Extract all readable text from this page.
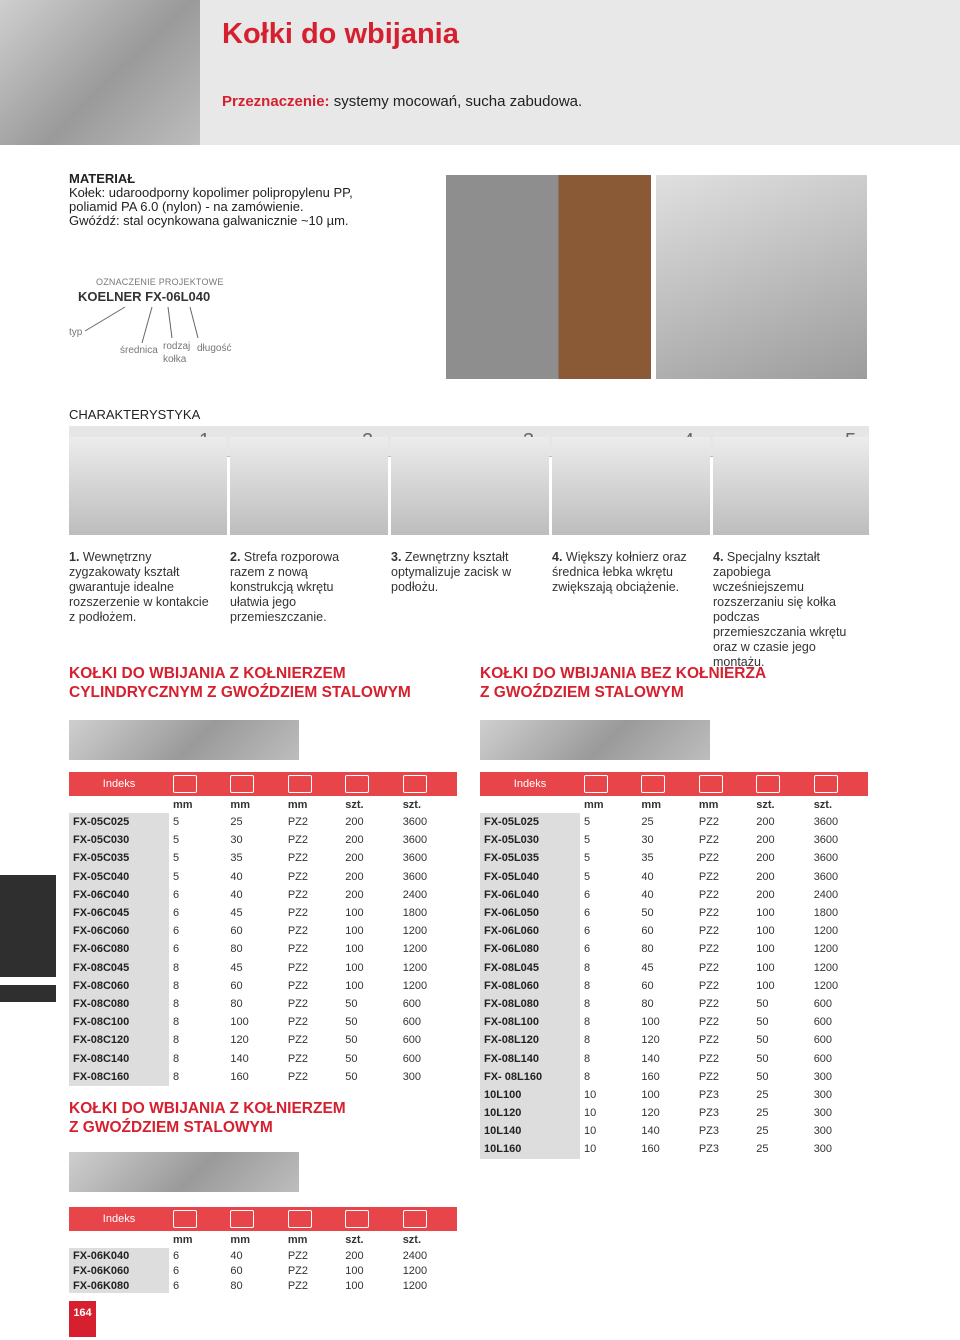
Kołki do wbijania
Przeznaczenie: systemy mocowań, sucha zabudowa.
MATERIAŁ
Kołek: udaroodporny kopolimer polipropylenu PP,
poliamid PA 6.0 (nylon) - na zamówienie.
Gwóźdź: stal ocynkowana galwanicznie ~10 µm.
OZNACZENIE PROJEKTOWE
KOELNER FX-06L040
typ
średnica rodzaj
kołka
długość
CHARAKTERYSTYKA
1. Wewnętrzny zygzakowaty kształt gwarantuje idealne rozszerzenie w kontakcie z podłożem.
2. Strefa rozporowa razem z nową konstrukcją wkrętu ułatwia jego przemieszczanie.
3. Zewnętrzny kształt optymalizuje zacisk w podłożu.
4. Większy kołnierz oraz średnica łebka wkrętu zwiększają obciążenie.
4. Specjalny kształt zapobiega wcześniejszemu rozszerzaniu się kołka podczas przemieszczania wkrętu oraz w czasie jego montażu.
KOŁKI DO WBIJANIA Z KOŁNIERZEM
CYLINDRYCZNYM Z GWOŹDZIEM STALOWYM
KOŁKI DO WBIJANIA BEZ KOŁNIERZA
Z GWOŹDZIEM STALOWYM
Indeks					
	mm	mm	mm	szt.	szt.
FX-05C025	5	25	PZ2	200	3600
FX-05C030	5	30	PZ2	200	3600
FX-05C035	5	35	PZ2	200	3600
FX-05C040	5	40	PZ2	200	3600
FX-06C040	6	40	PZ2	200	2400
FX-06C045	6	45	PZ2	100	1800
FX-06C060	6	60	PZ2	100	1200
FX-06C080	6	80	PZ2	100	1200
FX-08C045	8	45	PZ2	100	1200
FX-08C060	8	60	PZ2	100	1200
FX-08C080	8	80	PZ2	50	600
FX-08C100	8	100	PZ2	50	600
FX-08C120	8	120	PZ2	50	600
FX-08C140	8	140	PZ2	50	600
FX-08C160	8	160	PZ2	50	300
Indeks					
	mm	mm	mm	szt.	szt.
FX-05L025	5	25	PZ2	200	3600
FX-05L030	5	30	PZ2	200	3600
FX-05L035	5	35	PZ2	200	3600
FX-05L040	5	40	PZ2	200	3600
FX-06L040	6	40	PZ2	200	2400
FX-06L050	6	50	PZ2	100	1800
FX-06L060	6	60	PZ2	100	1200
FX-06L080	6	80	PZ2	100	1200
FX-08L045	8	45	PZ2	100	1200
FX-08L060	8	60	PZ2	100	1200
FX-08L080	8	80	PZ2	50	600
FX-08L100	8	100	PZ2	50	600
FX-08L120	8	120	PZ2	50	600
FX-08L140	8	140	PZ2	50	600
FX- 08L160	8	160	PZ2	50	300
10L100	10	100	PZ3	25	300
10L120	10	120	PZ3	25	300
10L140	10	140	PZ3	25	300
10L160	10	160	PZ3	25	300
KOŁKI DO WBIJANIA Z KOŁNIERZEM
Z GWOŹDZIEM STALOWYM
Indeks					
	mm	mm	mm	szt.	szt.
FX-06K040	6	40	PZ2	200	2400
FX-06K060	6	60	PZ2	100	1200
FX-06K080	6	80	PZ2	100	1200
164
